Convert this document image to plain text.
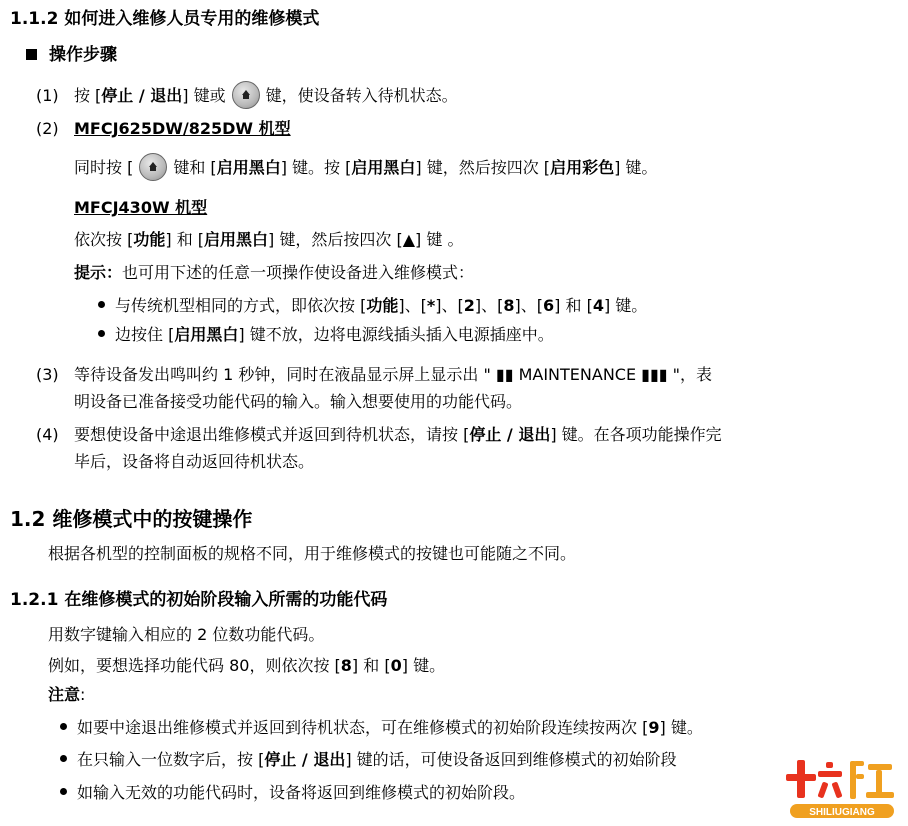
1.1.2 如何进入维修人员专用的维修模式
操作步骤
(1) 按 [停止 / 退出] 键或	键，使设备转入待机状态。
(2) MFCJ625DW/825DW 机型
同时按 [	键和 [启用黑白] 键。按 [启用黑白] 键，然后按四次 [启用彩色] 键。
MFCJ430W 机型
依次按 [功能] 和 [启用黑白] 键，然后按四次 [▲] 键 。
提示：也可用下述的任意一项操作使设备进入维修模式：
与传统机型相同的方式，即依次按 [功能]、[*]、[2]、[8]、[6] 和 [4] 键。
边按住 [启用黑白] 键不放，边将电源线插头插入电源插座中。
(3) 等待设备发出鸣叫约 1 秒钟，同时在液晶显示屏上显示出 " ▮▮ MAINTENANCE ▮▮▮ "，表
明设备已准备接受功能代码的输入。输入想要使用的功能代码。
(4) 要想使设备中途退出维修模式并返回到待机状态，请按 [停止 / 退出] 键。在各项功能操作完
毕后，设备将自动返回待机状态。
1.2 维修模式中的按键操作
根据各机型的控制面板的规格不同，用于维修模式的按键也可能随之不同。
1.2.1 在维修模式的初始阶段输入所需的功能代码
用数字键输入相应的 2 位数功能代码。
例如，要想选择功能代码 80，则依次按 [8] 和 [0] 键。
注意:
如要中途退出维修模式并返回到待机状态，可在维修模式的初始阶段连续按两次 [9] 键。
在只输入一位数字后，按 [停止 / 退出] 键的话，可使设备返回到维修模式的初始阶段
如输入无效的功能代码时，设备将返回到维修模式的初始阶段。
SHILIUGIANG
